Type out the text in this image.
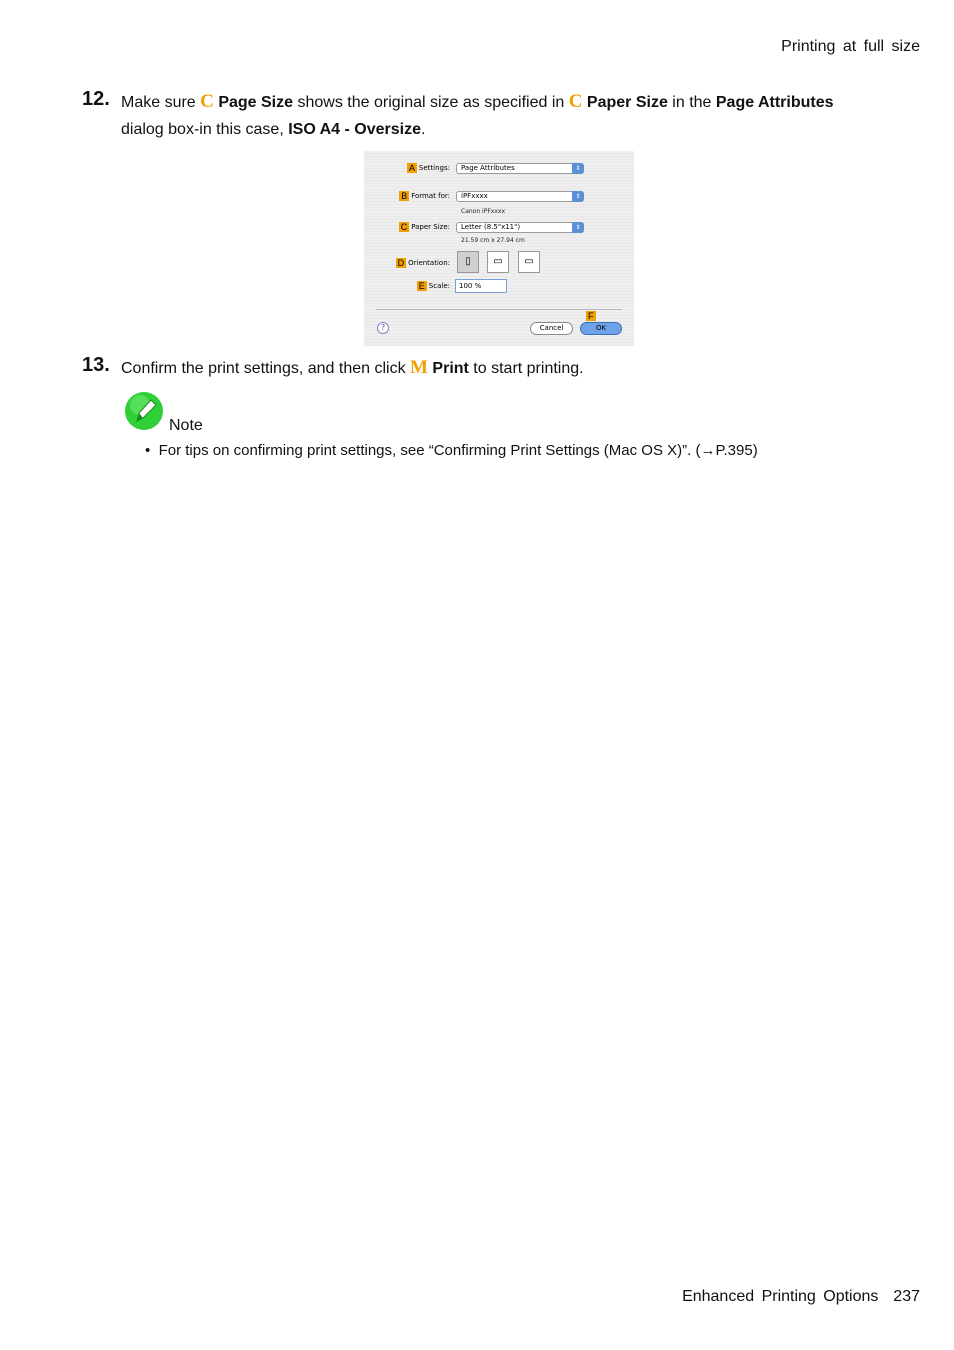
Printing at full size
12. Make sure C Page Size shows the original size as specified in C Paper Size in the Page Attributes dialog box-in this case, ISO A4 - Oversize.
A Settings:	Page Attributes	⇕
B Format for:	iPFxxxx	⇕
Canon iPFxxxx
C Paper Size:	Letter (8.5"x11")	⇕
21.59 cm x 27.94 cm
D Orientation:	▯	▭	▭
E Scale:	100 %
?
F
Cancel	OK
13. Confirm the print settings, and then click M Print to start printing.
Note
•  For tips on confirming print settings, see “Confirming Print Settings (Mac OS X)”. (→P.395)
Enhanced Printing Options 237
